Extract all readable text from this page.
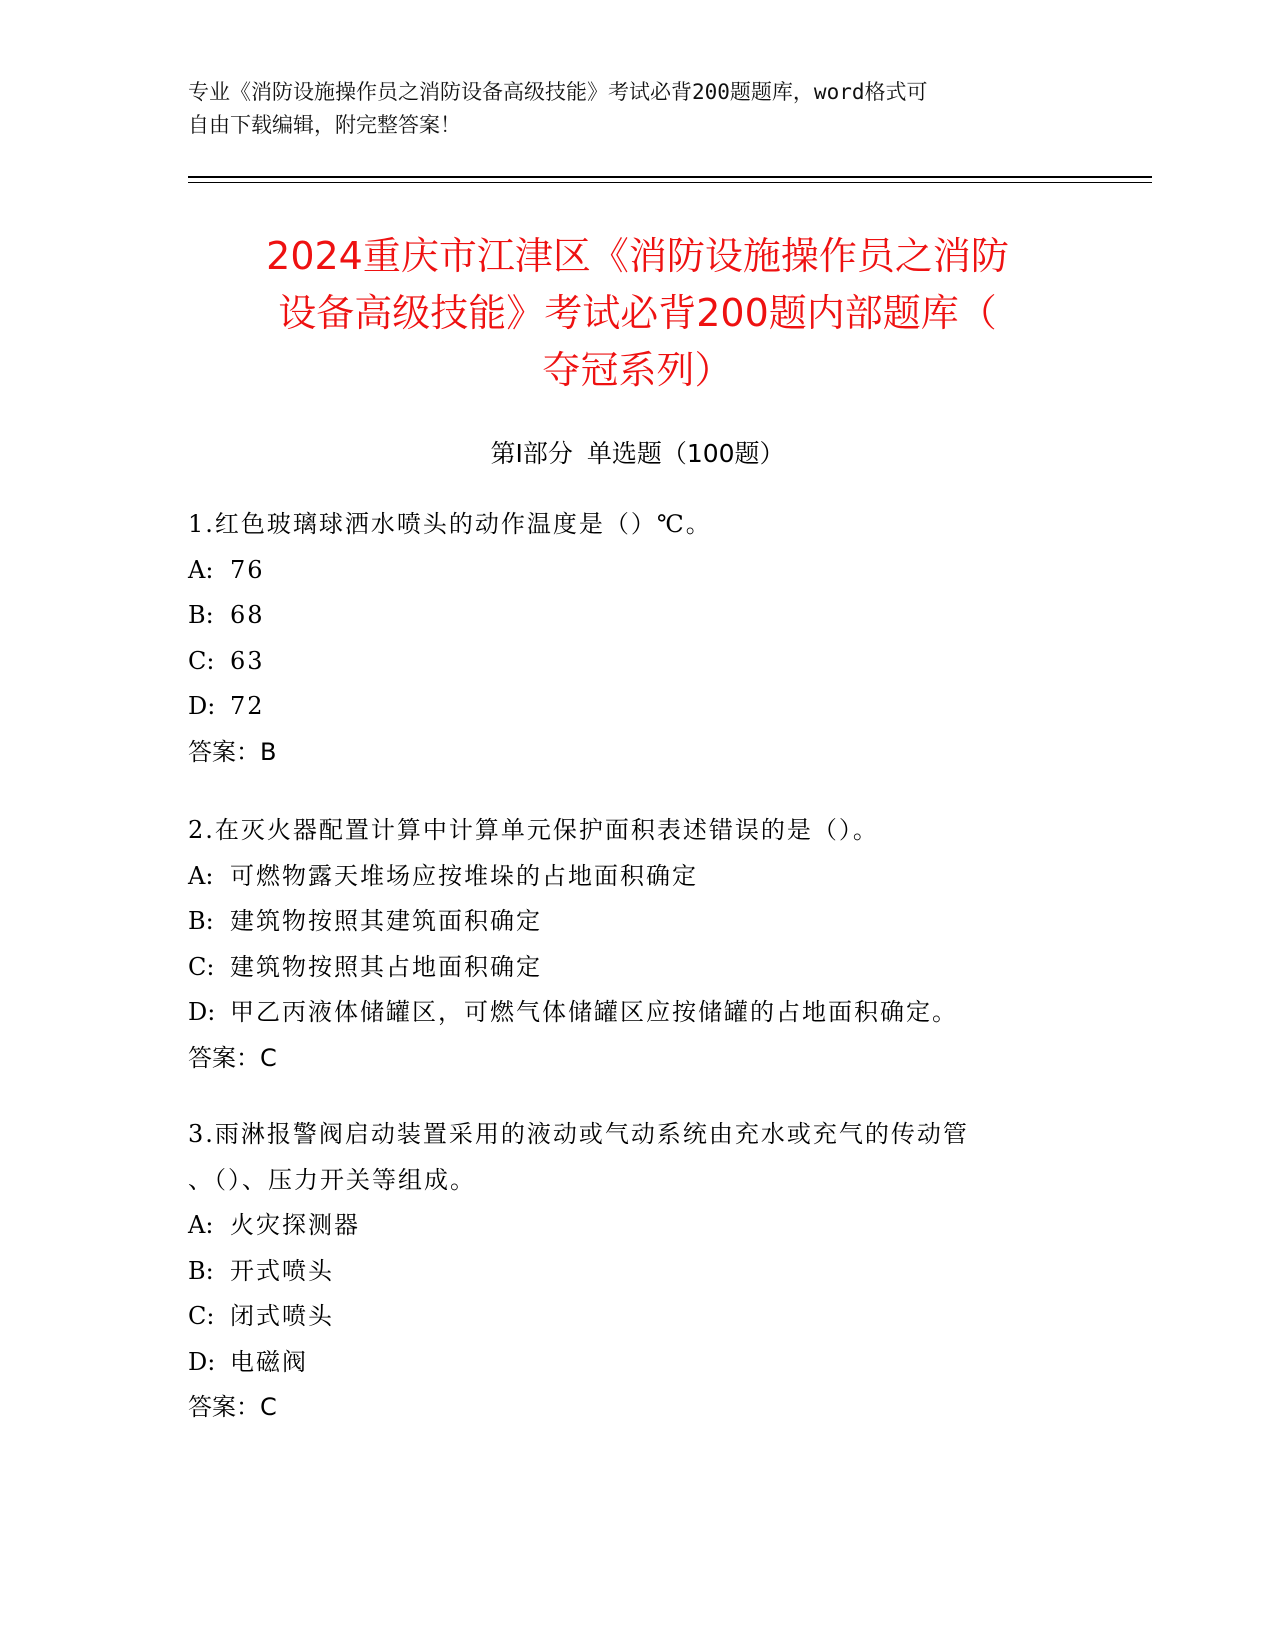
专业《消防设施操作员之消防设备高级技能》考试必背200题题库，word格式可
自由下载编辑，附完整答案！
2024重庆市江津区《消防设施操作员之消防
设备高级技能》考试必背200题内部题库（
夺冠系列）
第I部分 单选题（100题）
1.红色玻璃球洒水喷头的动作温度是（）℃。
A: 76
B: 68
C: 63
D: 72
答案：B
2.在灭火器配置计算中计算单元保护面积表述错误的是（）。
A: 可燃物露天堆场应按堆垛的占地面积确定
B: 建筑物按照其建筑面积确定
C: 建筑物按照其占地面积确定
D: 甲乙丙液体储罐区，可燃气体储罐区应按储罐的占地面积确定。
答案：C
3.雨淋报警阀启动装置采用的液动或气动系统由充水或充气的传动管
、（）、压力开关等组成。
A: 火灾探测器
B: 开式喷头
C: 闭式喷头
D: 电磁阀
答案：C
